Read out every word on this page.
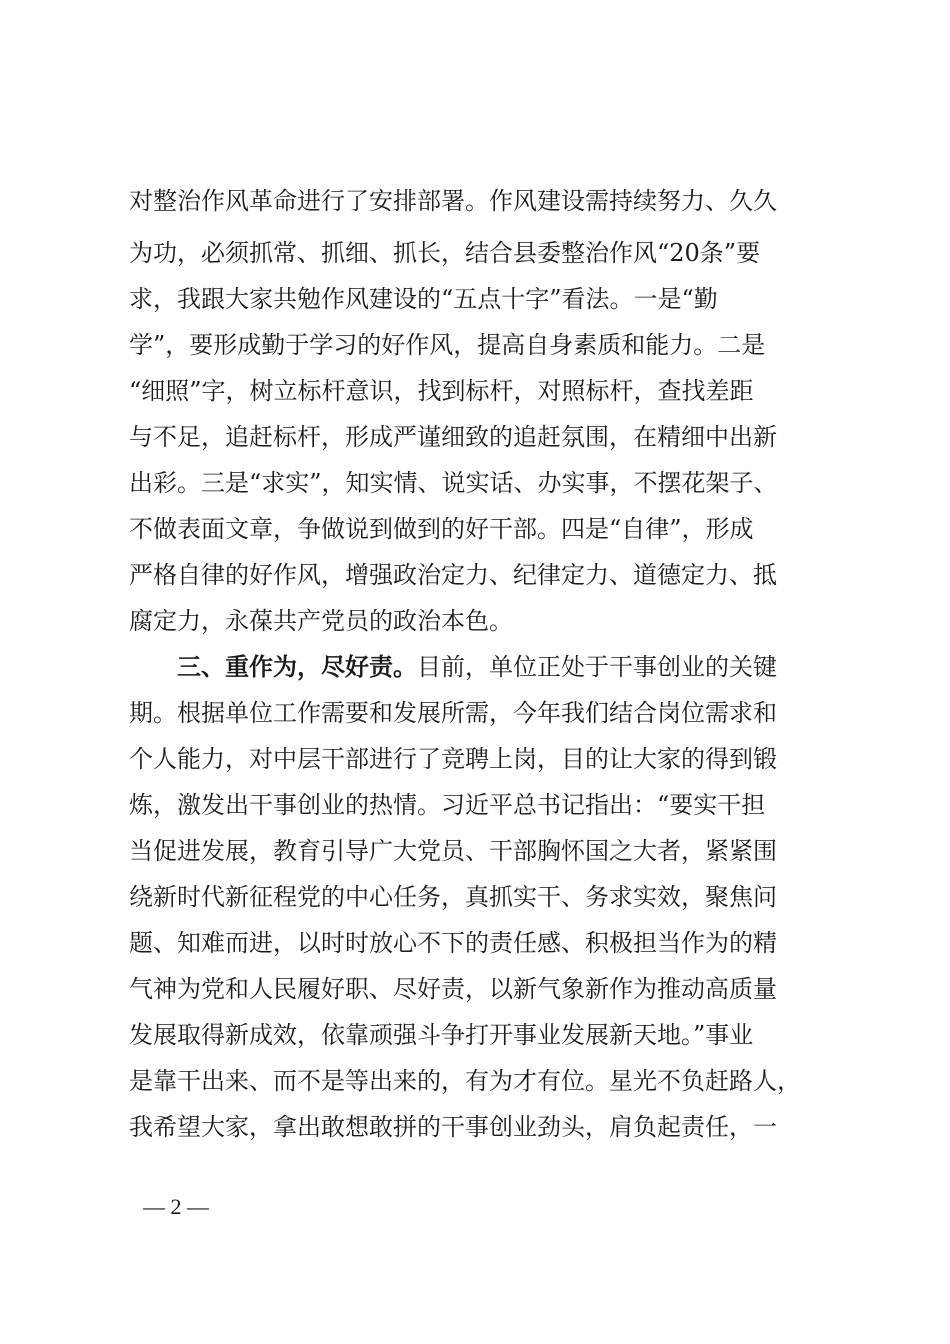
对整治作风革命进行了安排部署。作风建设需持续努力、久久
为功，必须抓常、抓细、抓长，结合县委整治作风“20条”要
求，我跟大家共勉作风建设的“五点十字”看法。一是“勤
学”，要形成勤于学习的好作风，提高自身素质和能力。二是
“细照”字，树立标杆意识，找到标杆，对照标杆，查找差距
与不足，追赶标杆，形成严谨细致的追赶氛围，在精细中出新
出彩。三是“求实”，知实情、说实话、办实事，不摆花架子、
不做表面文章，争做说到做到的好干部。四是“自律”，形成
严格自律的好作风，增强政治定力、纪律定力、道德定力、抵
腐定力，永葆共产党员的政治本色。
三、重作为，尽好责。目前，单位正处于干事创业的关键
期。根据单位工作需要和发展所需，今年我们结合岗位需求和
个人能力，对中层干部进行了竞聘上岗，目的让大家的得到锻
炼，激发出干事创业的热情。习近平总书记指出：“要实干担
当促进发展，教育引导广大党员、干部胸怀国之大者，紧紧围
绕新时代新征程党的中心任务，真抓实干、务求实效，聚焦问
题、知难而进，以时时放心不下的责任感、积极担当作为的精
气神为党和人民履好职、尽好责，以新气象新作为推动高质量
发展取得新成效，依靠顽强斗争打开事业发展新天地。”事业
是靠干出来、而不是等出来的，有为才有位。星光不负赶路人，
我希望大家，拿出敢想敢拼的干事创业劲头，肩负起责任，一
— 2 —
